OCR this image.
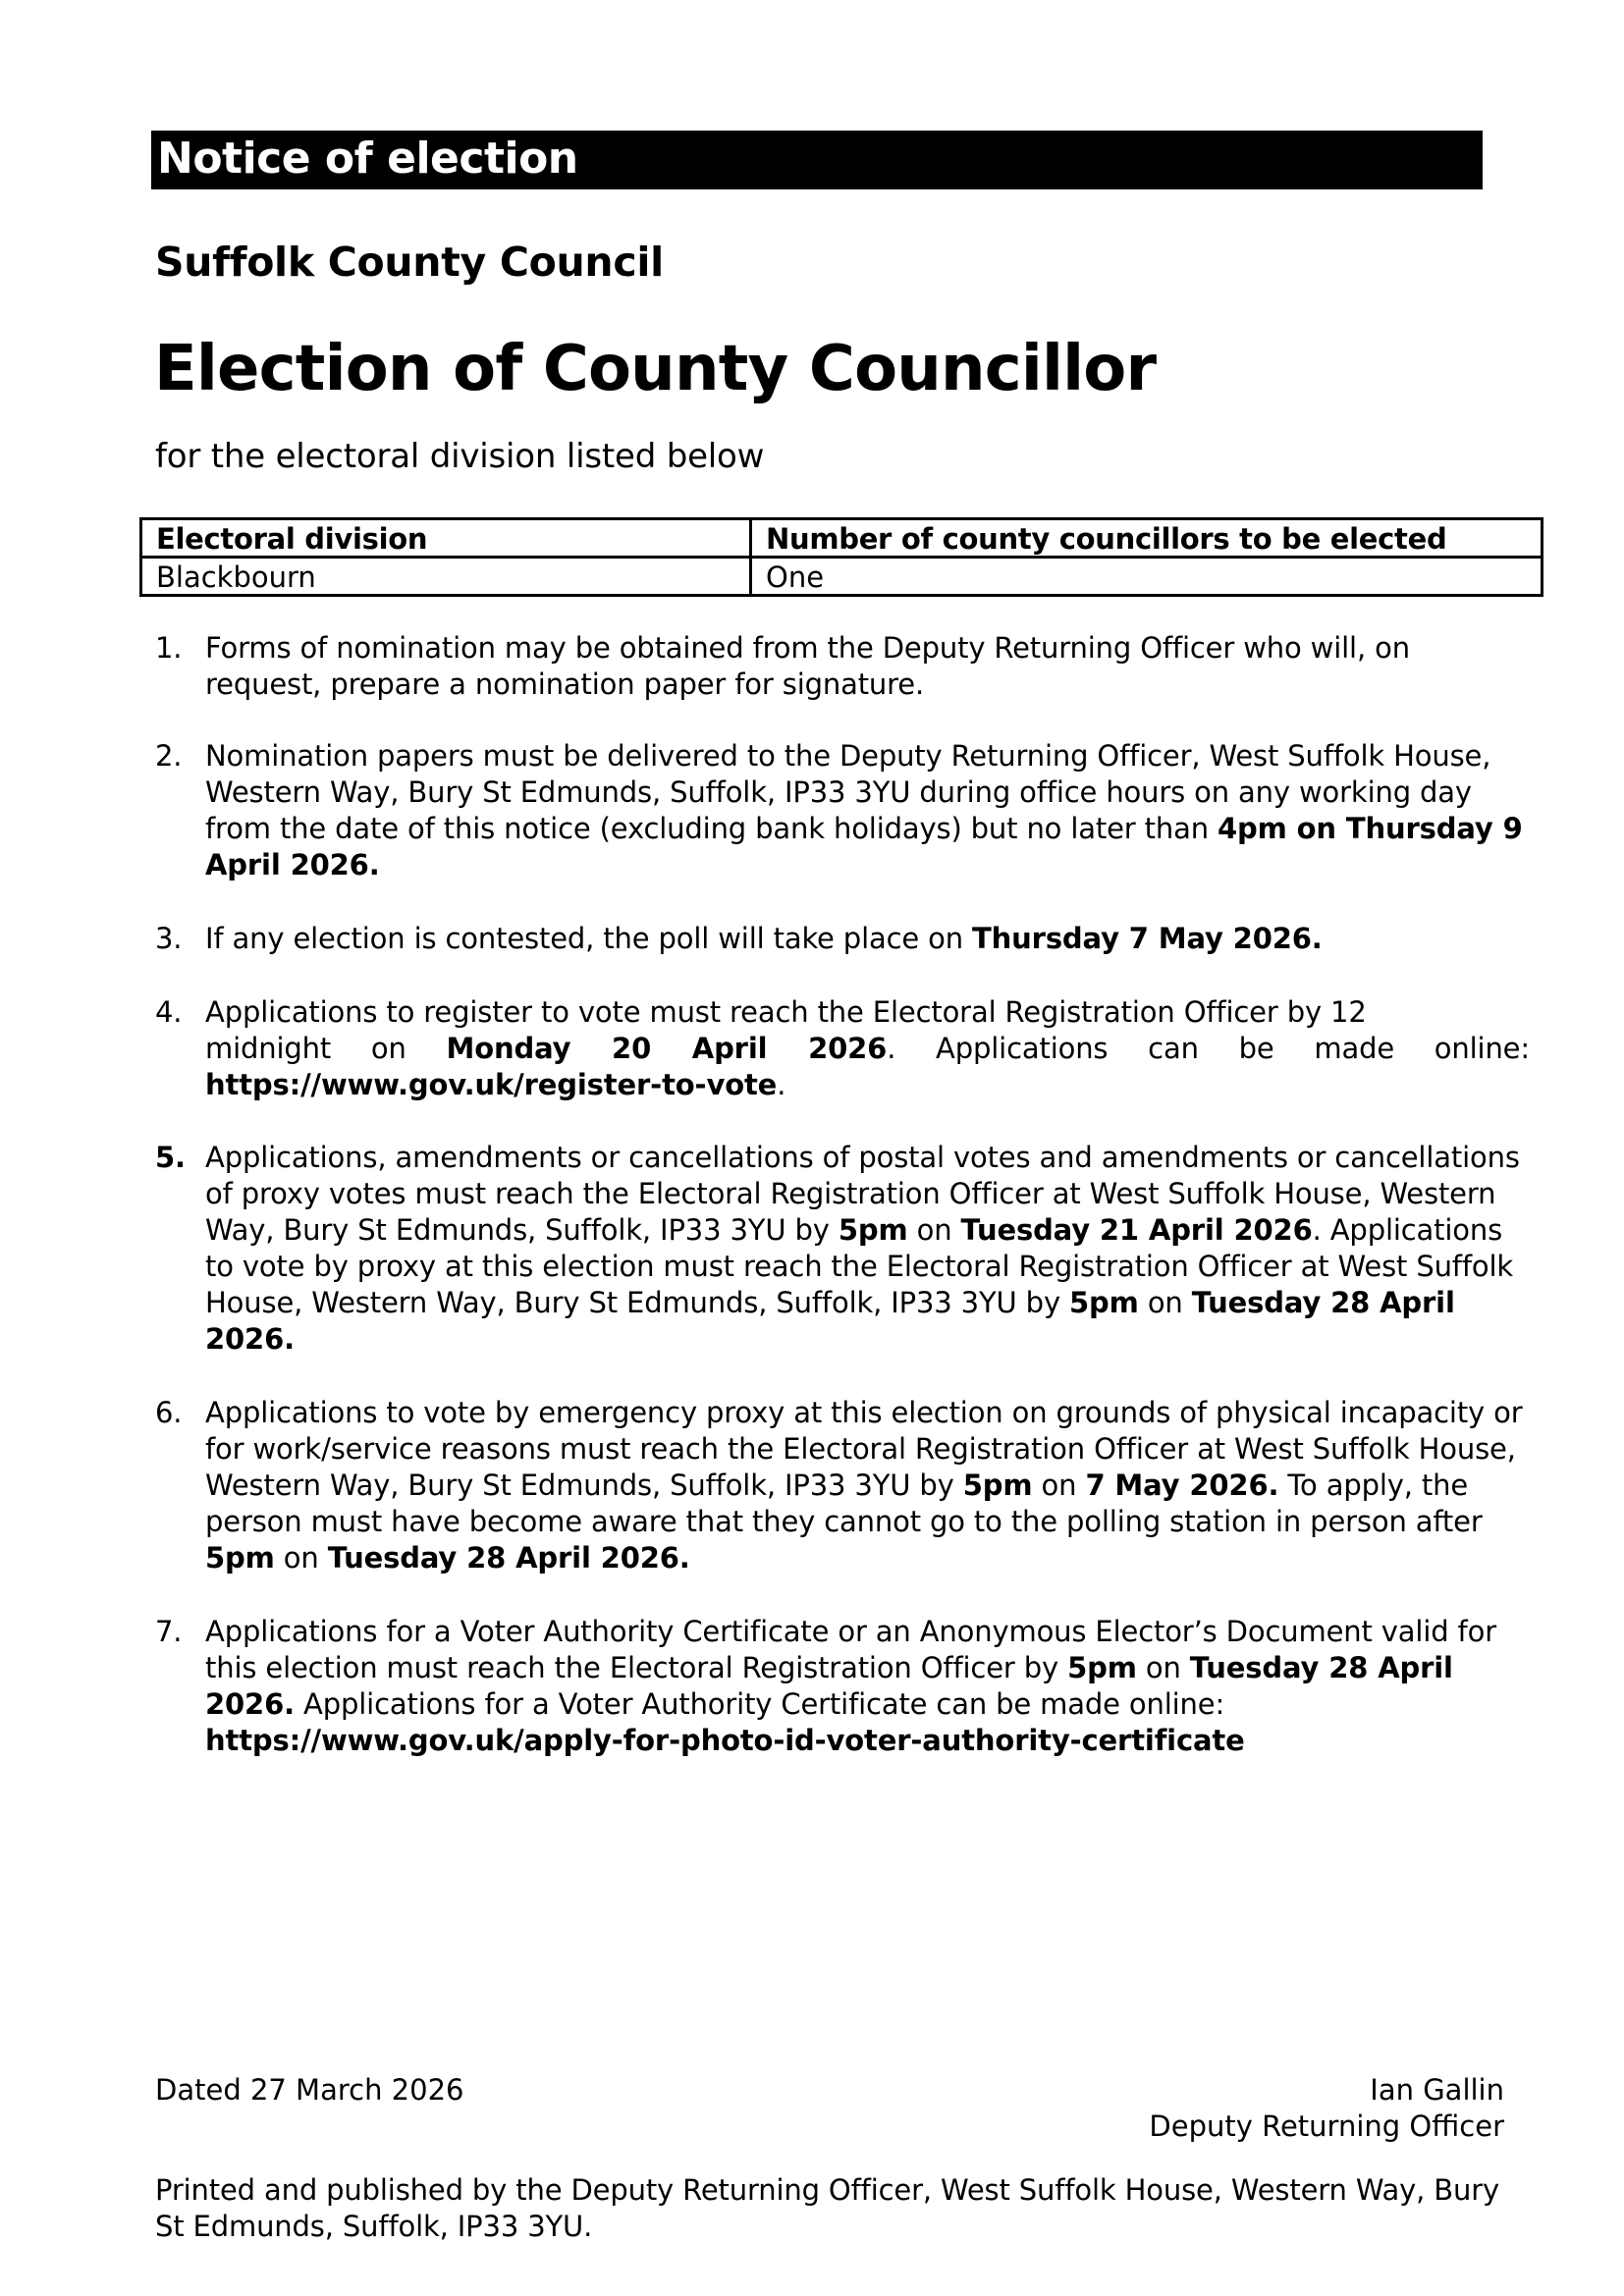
Notice of election
Suffolk County Council
Election of County Councillor
for the electoral division listed below
Electoral division	Number of county councillors to be elected
Blackbourn	One
1. Forms of nomination may be obtained from the Deputy Returning Officer who will, on request, prepare a nomination paper for signature.
2. Nomination papers must be delivered to the Deputy Returning Officer, West Suffolk House, Western Way, Bury St Edmunds, Suffolk, IP33 3YU during office hours on any working day from the date of this notice (excluding bank holidays) but no later than 4pm on Thursday 9 April 2026.
3. If any election is contested, the poll will take place on Thursday 7 May 2026.
4. Applications to register to vote must reach the Electoral Registration Officer by 12

midnight on Monday 20 April 2026. Applications can be made online:

https://www.gov.uk/register-to-vote.

5. Applications, amendments or cancellations of postal votes and amendments or cancellations of proxy votes must reach the Electoral Registration Officer at West Suffolk House, Western Way, Bury St Edmunds, Suffolk, IP33 3YU by 5pm on Tuesday 21 April 2026. Applications to vote by proxy at this election must reach the Electoral Registration Officer at West Suffolk House, Western Way, Bury St Edmunds, Suffolk, IP33 3YU by 5pm on Tuesday 28 April 2026.
6. Applications to vote by emergency proxy at this election on grounds of physical incapacity or for work/service reasons must reach the Electoral Registration Officer at West Suffolk House, Western Way, Bury St Edmunds, Suffolk, IP33 3YU by 5pm on 7 May 2026. To apply, the person must have become aware that they cannot go to the polling station in person after 5pm on Tuesday 28 April 2026.
7. Applications for a Voter Authority Certificate or an Anonymous Elector’s Document valid for this election must reach the Electoral Registration Officer by 5pm on Tuesday 28 April 2026. Applications for a Voter Authority Certificate can be made online: https://www.gov.uk/apply-for-photo-id-voter-authority-certificate
Dated 27 March 2026	Ian Gallin
Deputy Returning Officer
Printed and published by the Deputy Returning Officer, West Suffolk House, Western Way, Bury St Edmunds, Suffolk, IP33 3YU.
